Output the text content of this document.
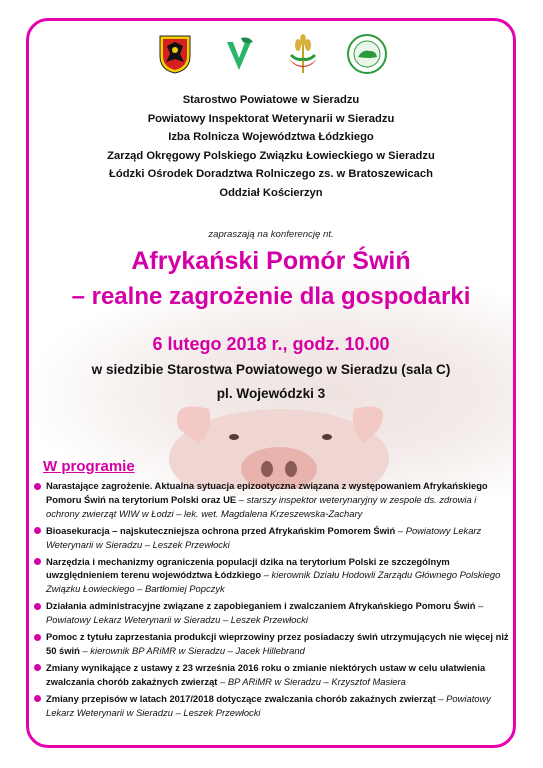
Starostwo Powiatowe w Sieradzu
Powiatowy Inspektorat Weterynarii w Sieradzu
Izba Rolnicza Województwa Łódzkiego
Zarząd Okręgowy Polskiego Związku Łowieckiego w Sieradzu
Łódzki Ośrodek Doradztwa Rolniczego zs. w Bratoszewicach
Oddział Kościerzyn
zapraszają na konferencję nt.
Afrykański Pomór Świń
– realne zagrożenie dla gospodarki
6 lutego 2018 r., godz. 10.00
w siedzibie Starostwa Powiatowego w Sieradzu (sala C)
pl. Wojewódzki 3
W programie
Narastające zagrożenie. Aktualna sytuacja epizootyczna związana z występowaniem Afrykańskiego Pomoru Świń na terytorium Polski oraz UE – starszy inspektor weterynaryjny w zespole ds. zdrowia i ochrony zwierząt WIW w Łodzi – lek. wet. Magdalena Krzeszewska-Zachary
Bioasekuracja – najskuteczniejsza ochrona przed Afrykańskim Pomorem Świń – Powiatowy Lekarz Weterynarii w Sieradzu – Leszek Przewłocki
Narzędzia i mechanizmy ograniczenia populacji dzika na terytorium Polski ze szczególnym uwzględnieniem terenu województwa Łódzkiego – kierownik Działu Hodowli Zarządu Głównego Polskiego Związku Łowieckiego – Bartłomiej Popczyk
Działania administracyjne związane z zapobieganiem i zwalczaniem Afrykańskiego Pomoru Świń – Powiatowy Lekarz Weterynarii w Sieradzu – Leszek Przewłocki
Pomoc z tytułu zaprzestania produkcji wieprzowiny przez posiadaczy świń utrzymujących nie więcej niż 50 świń – kierownik BP ARiMR w Sieradzu – Jacek Hillebrand
Zmiany wynikające z ustawy z 23 września 2016 roku o zmianie niektórych ustaw w celu ułatwienia zwalczania chorób zakaźnych zwierząt – BP ARiMR w Sieradzu – Krzysztof Masiera
Zmiany przepisów w latach 2017/2018 dotyczące zwalczania chorób zakaźnych zwierząt – Powiatowy Lekarz Weterynarii w Sieradzu – Leszek Przewłocki
